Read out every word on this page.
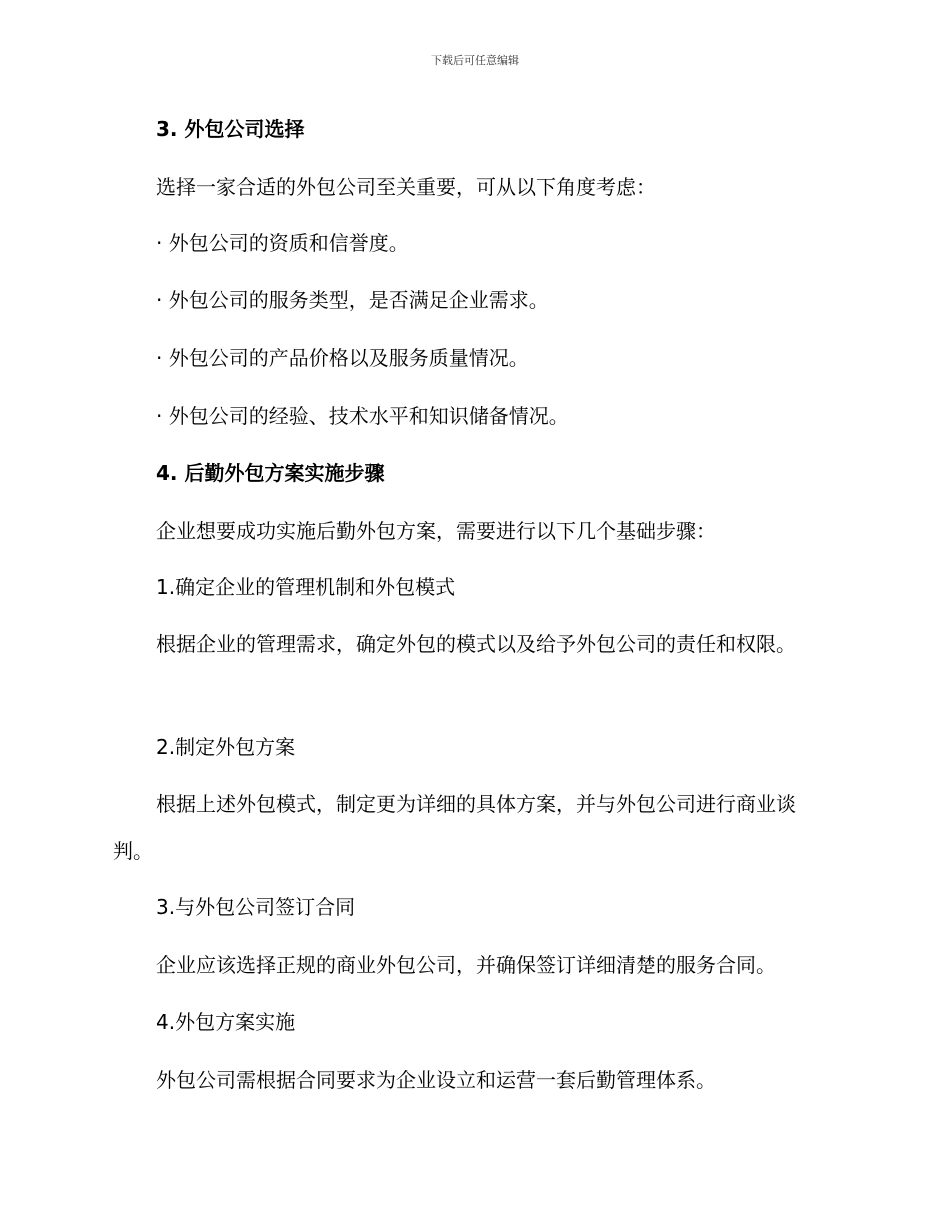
下载后可任意编辑
3. 外包公司选择
选择一家合适的外包公司至关重要，可从以下角度考虑：
· 外包公司的资质和信誉度。
· 外包公司的服务类型，是否满足企业需求。
· 外包公司的产品价格以及服务质量情况。
· 外包公司的经验、技术水平和知识储备情况。
4. 后勤外包方案实施步骤
企业想要成功实施后勤外包方案，需要进行以下几个基础步骤：
1.确定企业的管理机制和外包模式
根据企业的管理需求，确定外包的模式以及给予外包公司的责任和权限。
2.制定外包方案
根据上述外包模式，制定更为详细的具体方案，并与外包公司进行商业谈判。
3.与外包公司签订合同
企业应该选择正规的商业外包公司，并确保签订详细清楚的服务合同。
4.外包方案实施
外包公司需根据合同要求为企业设立和运营一套后勤管理体系。
